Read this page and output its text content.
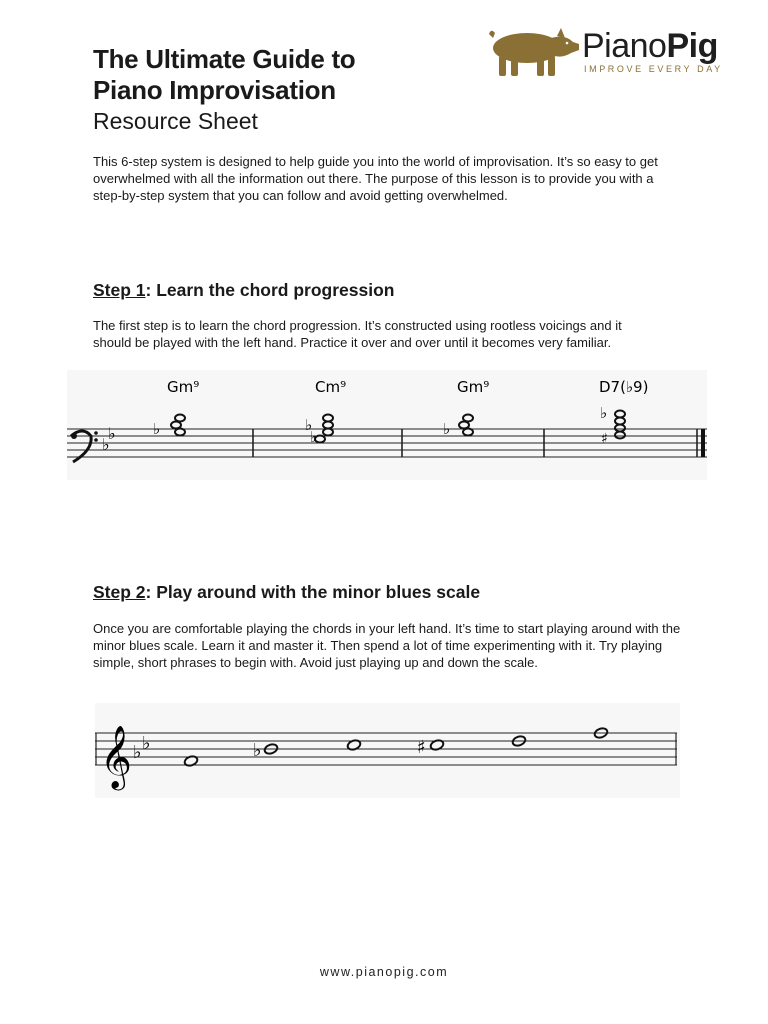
The Ultimate Guide to
Piano Improvisation
Resource Sheet
PianoPig
IMPROVE EVERY DAY

This 6-step system is designed to help guide you into the world of improvisation. It’s so easy to get overwhelmed with all the information out there. The purpose of this lesson is to provide you with a step-by-step system that you can follow and avoid getting overwhelmed.

Step 1: Learn the chord progression

The first step is to learn the chord progression. It’s constructed using rootless voicings and it should be played with the left hand. Practice it over and over until it becomes very familiar.

♭
♭
Gm⁹	Cm⁹	Gm⁹	D7(♭9)
♭	♭
♭	♭
♭
♯
Step 2: Play around with the minor blues scale

Once you are comfortable playing the chords in your left hand. It’s time to start playing around with the minor blues scale. Learn it and master it. Then spend a lot of time experimenting with it. Try playing simple, short phrases to begin with. Avoid just playing up and down the scale.

𝄞 ♭ ♭	♭	♯
www.pianopig.com
